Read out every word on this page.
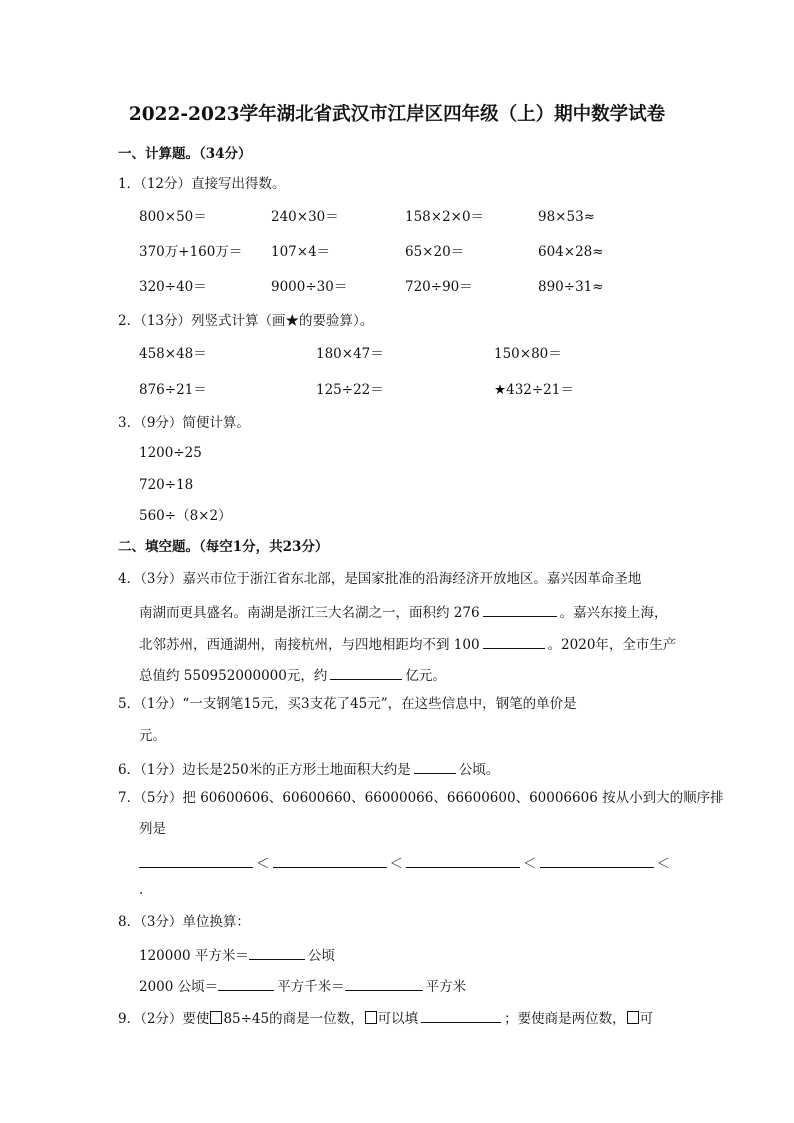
2022-2023学年湖北省武汉市江岸区四年级（上）期中数学试卷
一、计算题。（34分）
1．（12分）直接写出得数。
800×50＝	240×30＝	158×2×0＝	98×53≈
370万+160万＝ 107×4＝	65×20＝	604×28≈
320÷40＝	9000÷30＝	720÷90＝	890÷31≈
2．（13分）列竖式计算（画★的要验算）。
458×48＝	180×47＝	150×80＝
876÷21＝	125÷22＝	★432÷21＝
3．（9分）简便计算。
1200÷25
720÷18
560÷（8×2）
二、填空题。（每空1分，共23分）
4．（3分）嘉兴市位于浙江省东北部，是国家批准的沿海经济开放地区。嘉兴因革命圣地
南湖而更具盛名。南湖是浙江三大名湖之一，面积约 276	。嘉兴东接上海，
北邻苏州，西通湖州，南接杭州，与四地相距均不到 100	。2020年，全市生产
总值约 550952000000元，约	亿元。
5．（1分）“一支钢笔15元，买3支花了45元”，在这些信息中，钢笔的单价是
元。
6．（1分）边长是250米的正方形土地面积大约是	公顷。
7．（5分）把 60600606、60600660、66000066、66600600、60006606 按从小到大的顺序排
列是
＜	＜	＜	＜
.
8．（3分）单位换算：
120000 平方米＝	公顷
2000 公顷＝	平方千米＝	平方米
9．（2分）要使 85÷45的商是一位数， 可以填	；要使商是两位数， 可
